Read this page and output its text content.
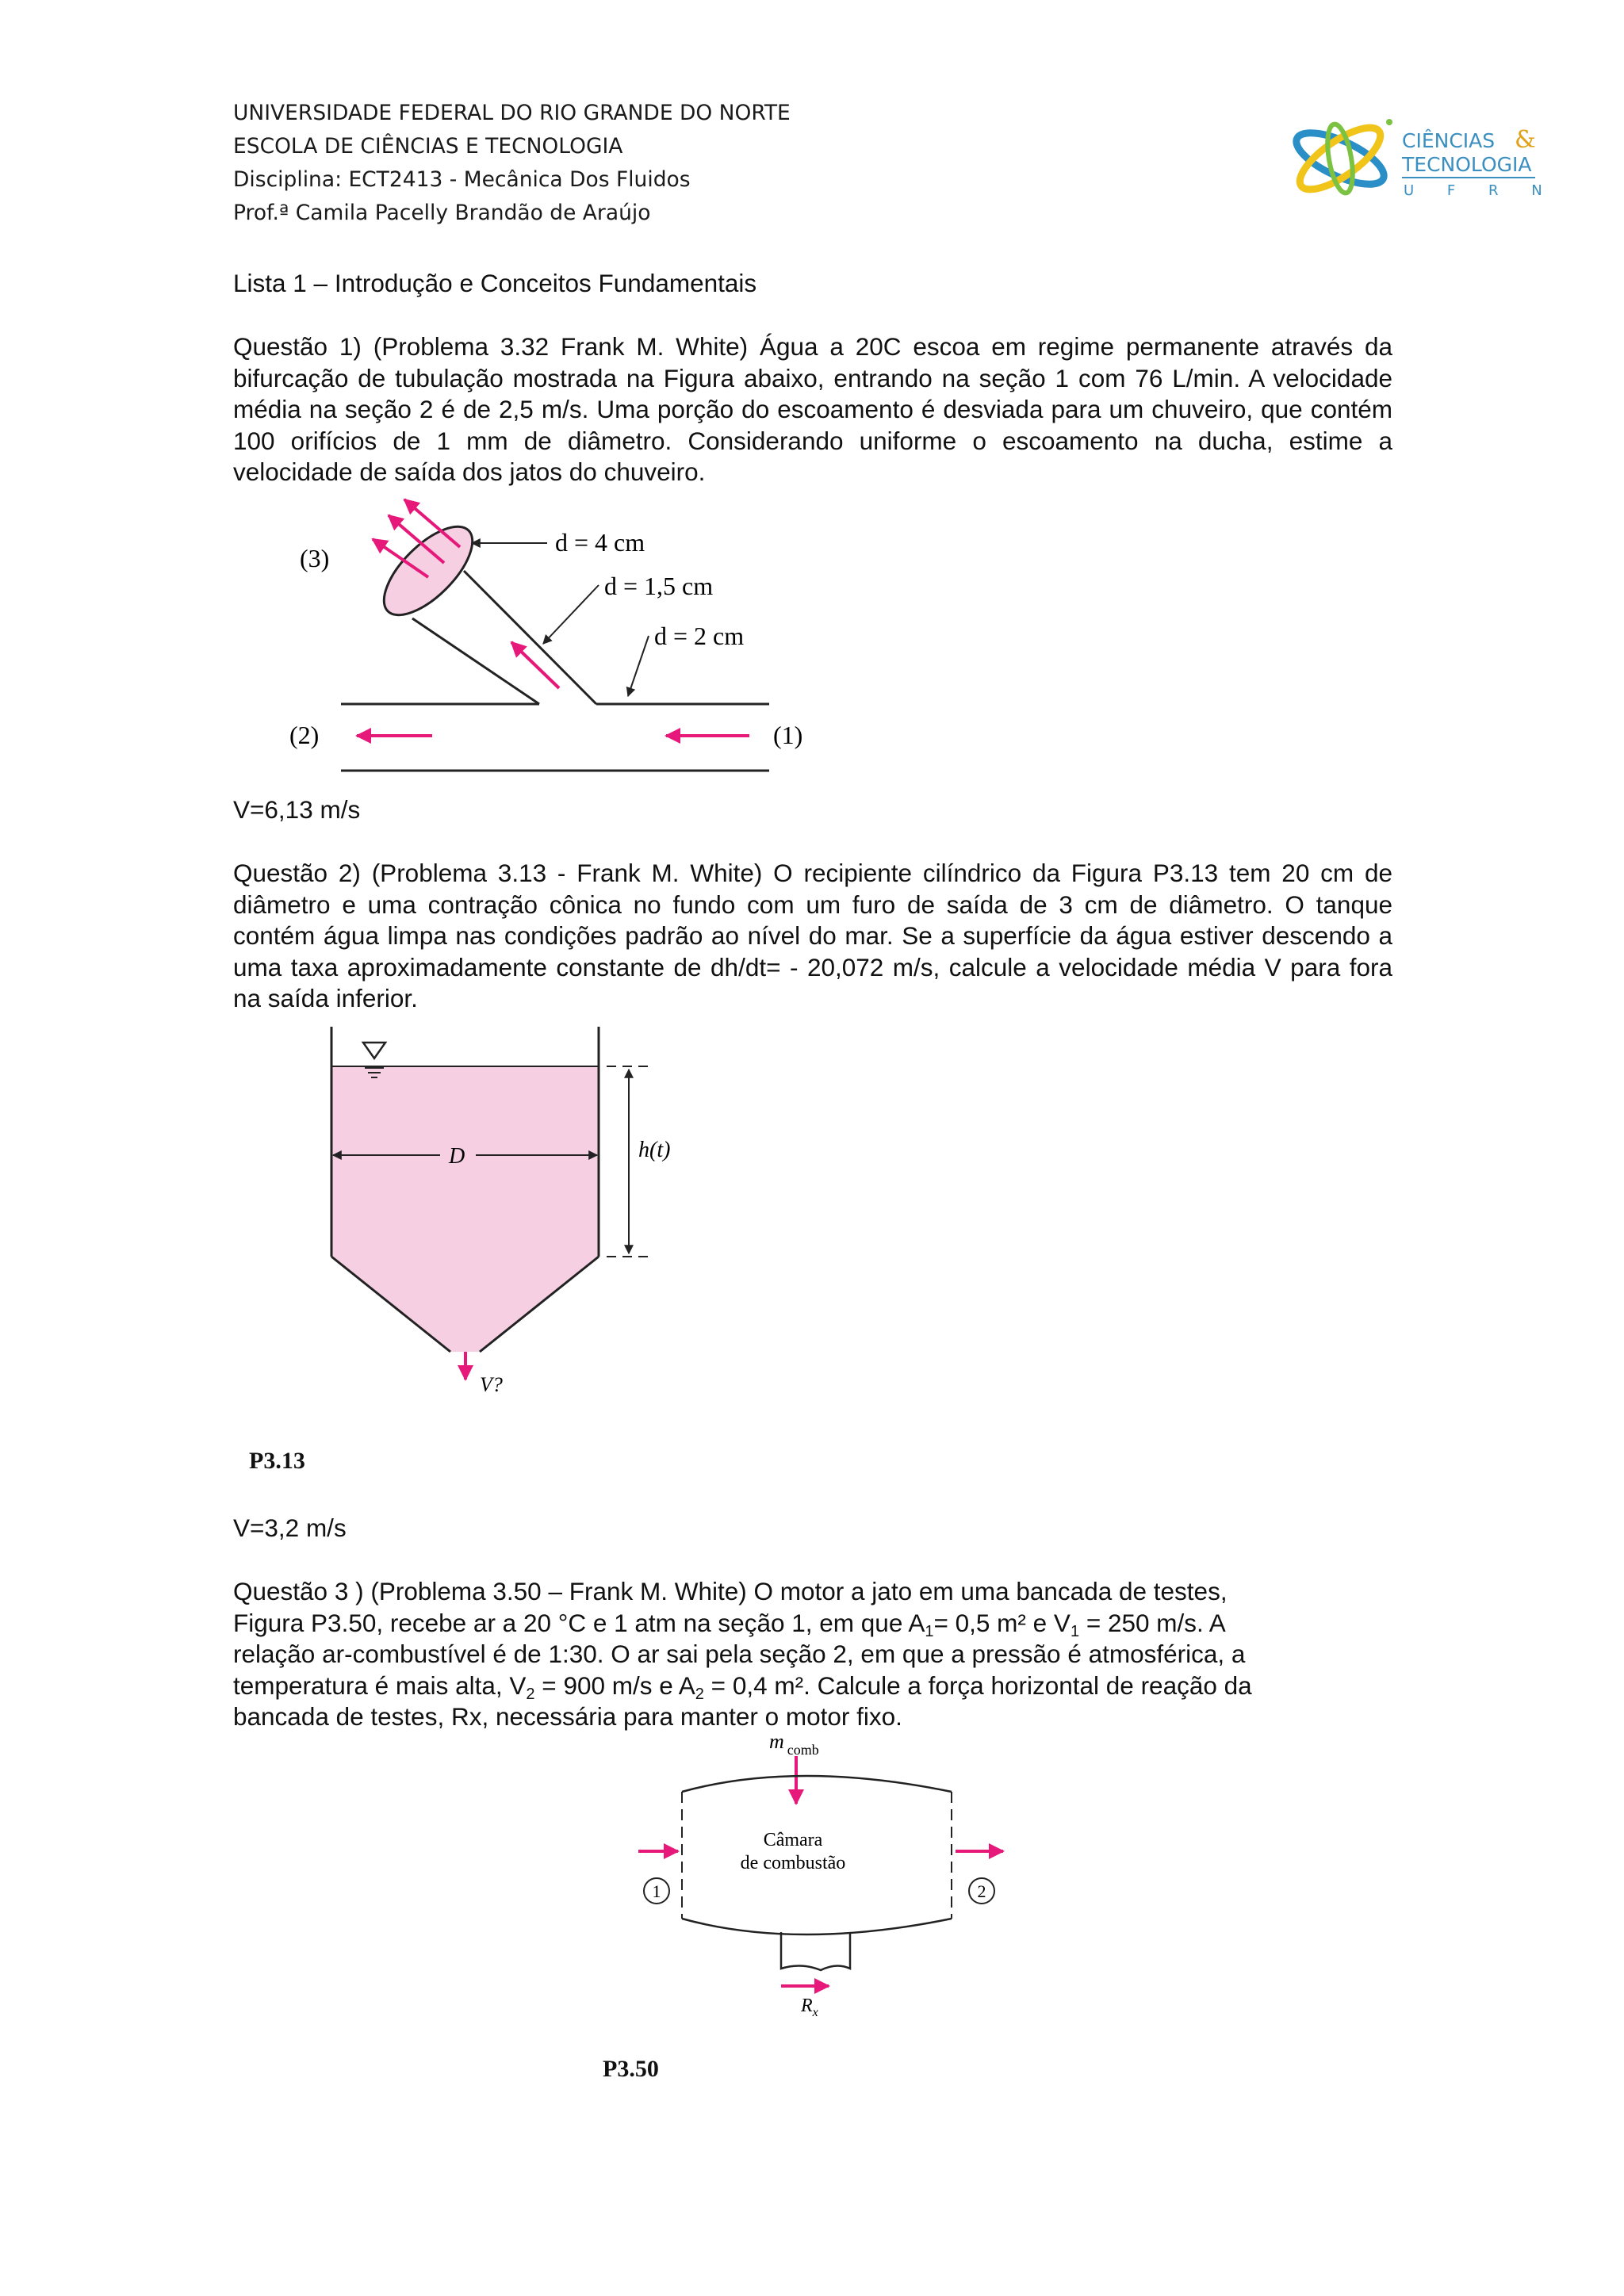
UNIVERSIDADE FEDERAL DO RIO GRANDE DO NORTE
ESCOLA DE CIÊNCIAS E TECNOLOGIA
Disciplina: ECT2413 - Mecânica Dos Fluidos
Prof.ª Camila Pacelly Brandão de Araújo
CIÊNCIAS &
TECNOLOGIA
U F R N
Lista 1 – Introdução e Conceitos Fundamentais
Questão 1) (Problema 3.32 Frank M. White) Água a 20C escoa em regime permanente através da bifurcação de tubulação mostrada na Figura abaixo, entrando na seção 1 com 76 L/min. A velocidade média na seção 2 é de 2,5 m/s. Uma porção do escoamento é desviada para um chuveiro, que contém 100 orifícios de 1 mm de diâmetro. Considerando uniforme o escoamento na ducha, estime a velocidade de saída dos jatos do chuveiro.
(3)
d = 4 cm
d = 1,5 cm
d = 2 cm
(2)	(1)
V=6,13 m/s
Questão 2) (Problema 3.13 - Frank M. White) O recipiente cilíndrico da Figura P3.13 tem 20 cm de diâmetro e uma contração cônica no fundo com um furo de saída de 3 cm de diâmetro. O tanque contém água limpa nas condições padrão ao nível do mar. Se a superfície da água estiver descendo a uma taxa aproximadamente constante de dh/dt= - 20,072 m/s, calcule a velocidade média V para fora na saída inferior.
D	h(t)
V?
P3.13
V=3,2 m/s
Questão 3 ) (Problema 3.50 – Frank M. White) O motor a jato em uma bancada de testes,
Figura P3.50, recebe ar a 20 °C e 1 atm na seção 1, em que $A_1= 0,5$ m² e $V_1 = 250$ m/s. A
relação ar-combustível é de 1:30. O ar sai pela seção 2, em que a pressão é atmosférica, a
temperatura é mais alta, $V_2 = 900$ m/s e $A_2 = 0,4$ m². Calcule a força horizontal de reação da
bancada de testes, Rx, necessária para manter o motor fixo.
m $_{comb}$
Câmara
de combustão
1	2
$R_x$
P3.50
